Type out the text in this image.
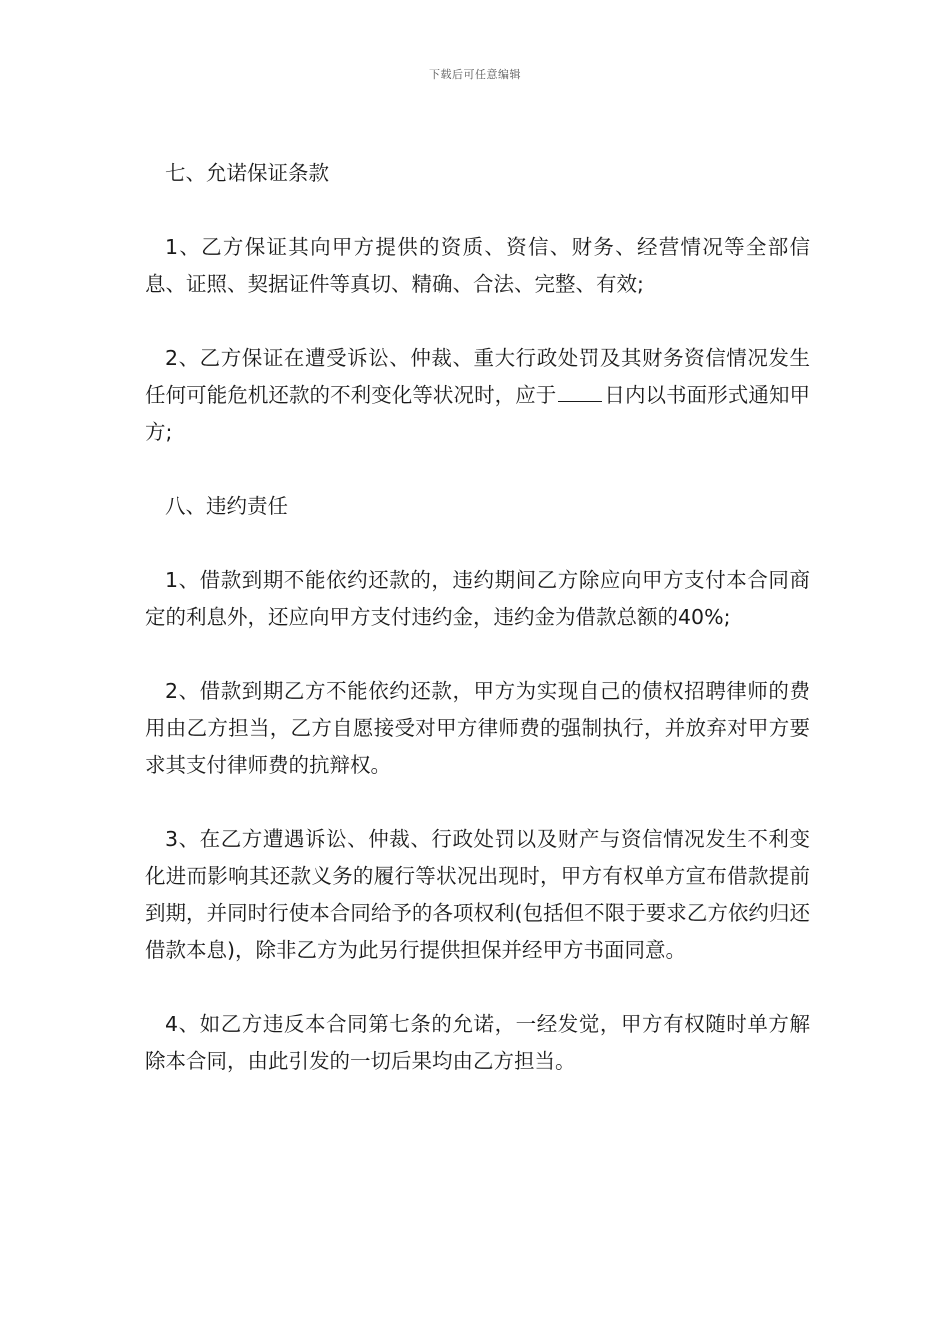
下载后可任意编辑

七、允诺保证条款

1、乙方保证其向甲方提供的资质、资信、财务、经营情况等全部信息、证照、契据证件等真切、精确、合法、完整、有效;

2、乙方保证在遭受诉讼、仲裁、重大行政处罚及其财务资信情况发生任何可能危机还款的不利变化等状况时，应于 日内以书面形式通知甲方;

八、违约责任

1、借款到期不能依约还款的，违约期间乙方除应向甲方支付本合同商定的利息外，还应向甲方支付违约金，违约金为借款总额的40%;

2、借款到期乙方不能依约还款，甲方为实现自己的债权招聘律师的费用由乙方担当，乙方自愿接受对甲方律师费的强制执行，并放弃对甲方要求其支付律师费的抗辩权。

3、在乙方遭遇诉讼、仲裁、行政处罚以及财产与资信情况发生不利变化进而影响其还款义务的履行等状况出现时，甲方有权单方宣布借款提前到期，并同时行使本合同给予的各项权利(包括但不限于要求乙方依约归还借款本息)，除非乙方为此另行提供担保并经甲方书面同意。

4、如乙方违反本合同第七条的允诺，一经发觉，甲方有权随时单方解除本合同，由此引发的一切后果均由乙方担当。
